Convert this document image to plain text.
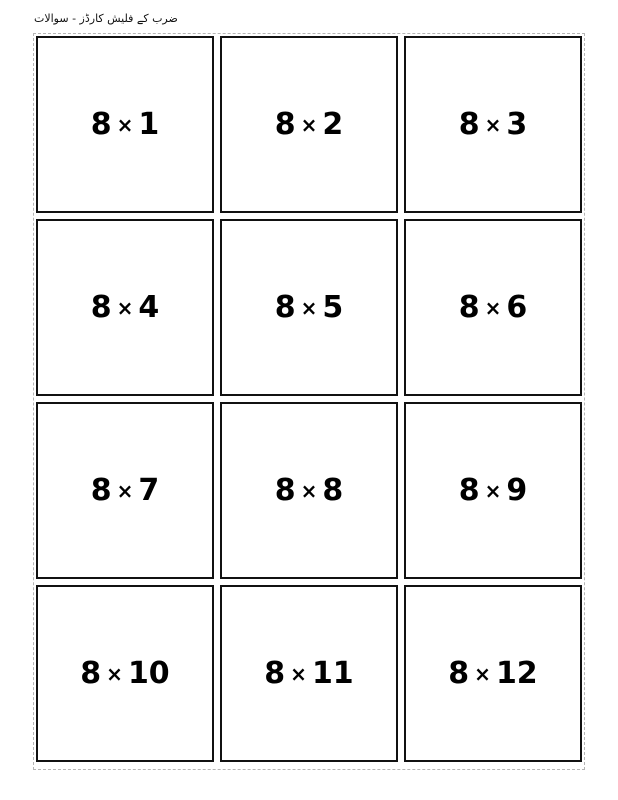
ضرب کے فلیش کارڈز - سوالات
8 × 1	8 × 2	8 × 3
8 × 4	8 × 5	8 × 6
8 × 7	8 × 8	8 × 9
8 × 10	8 × 11	8 × 12
